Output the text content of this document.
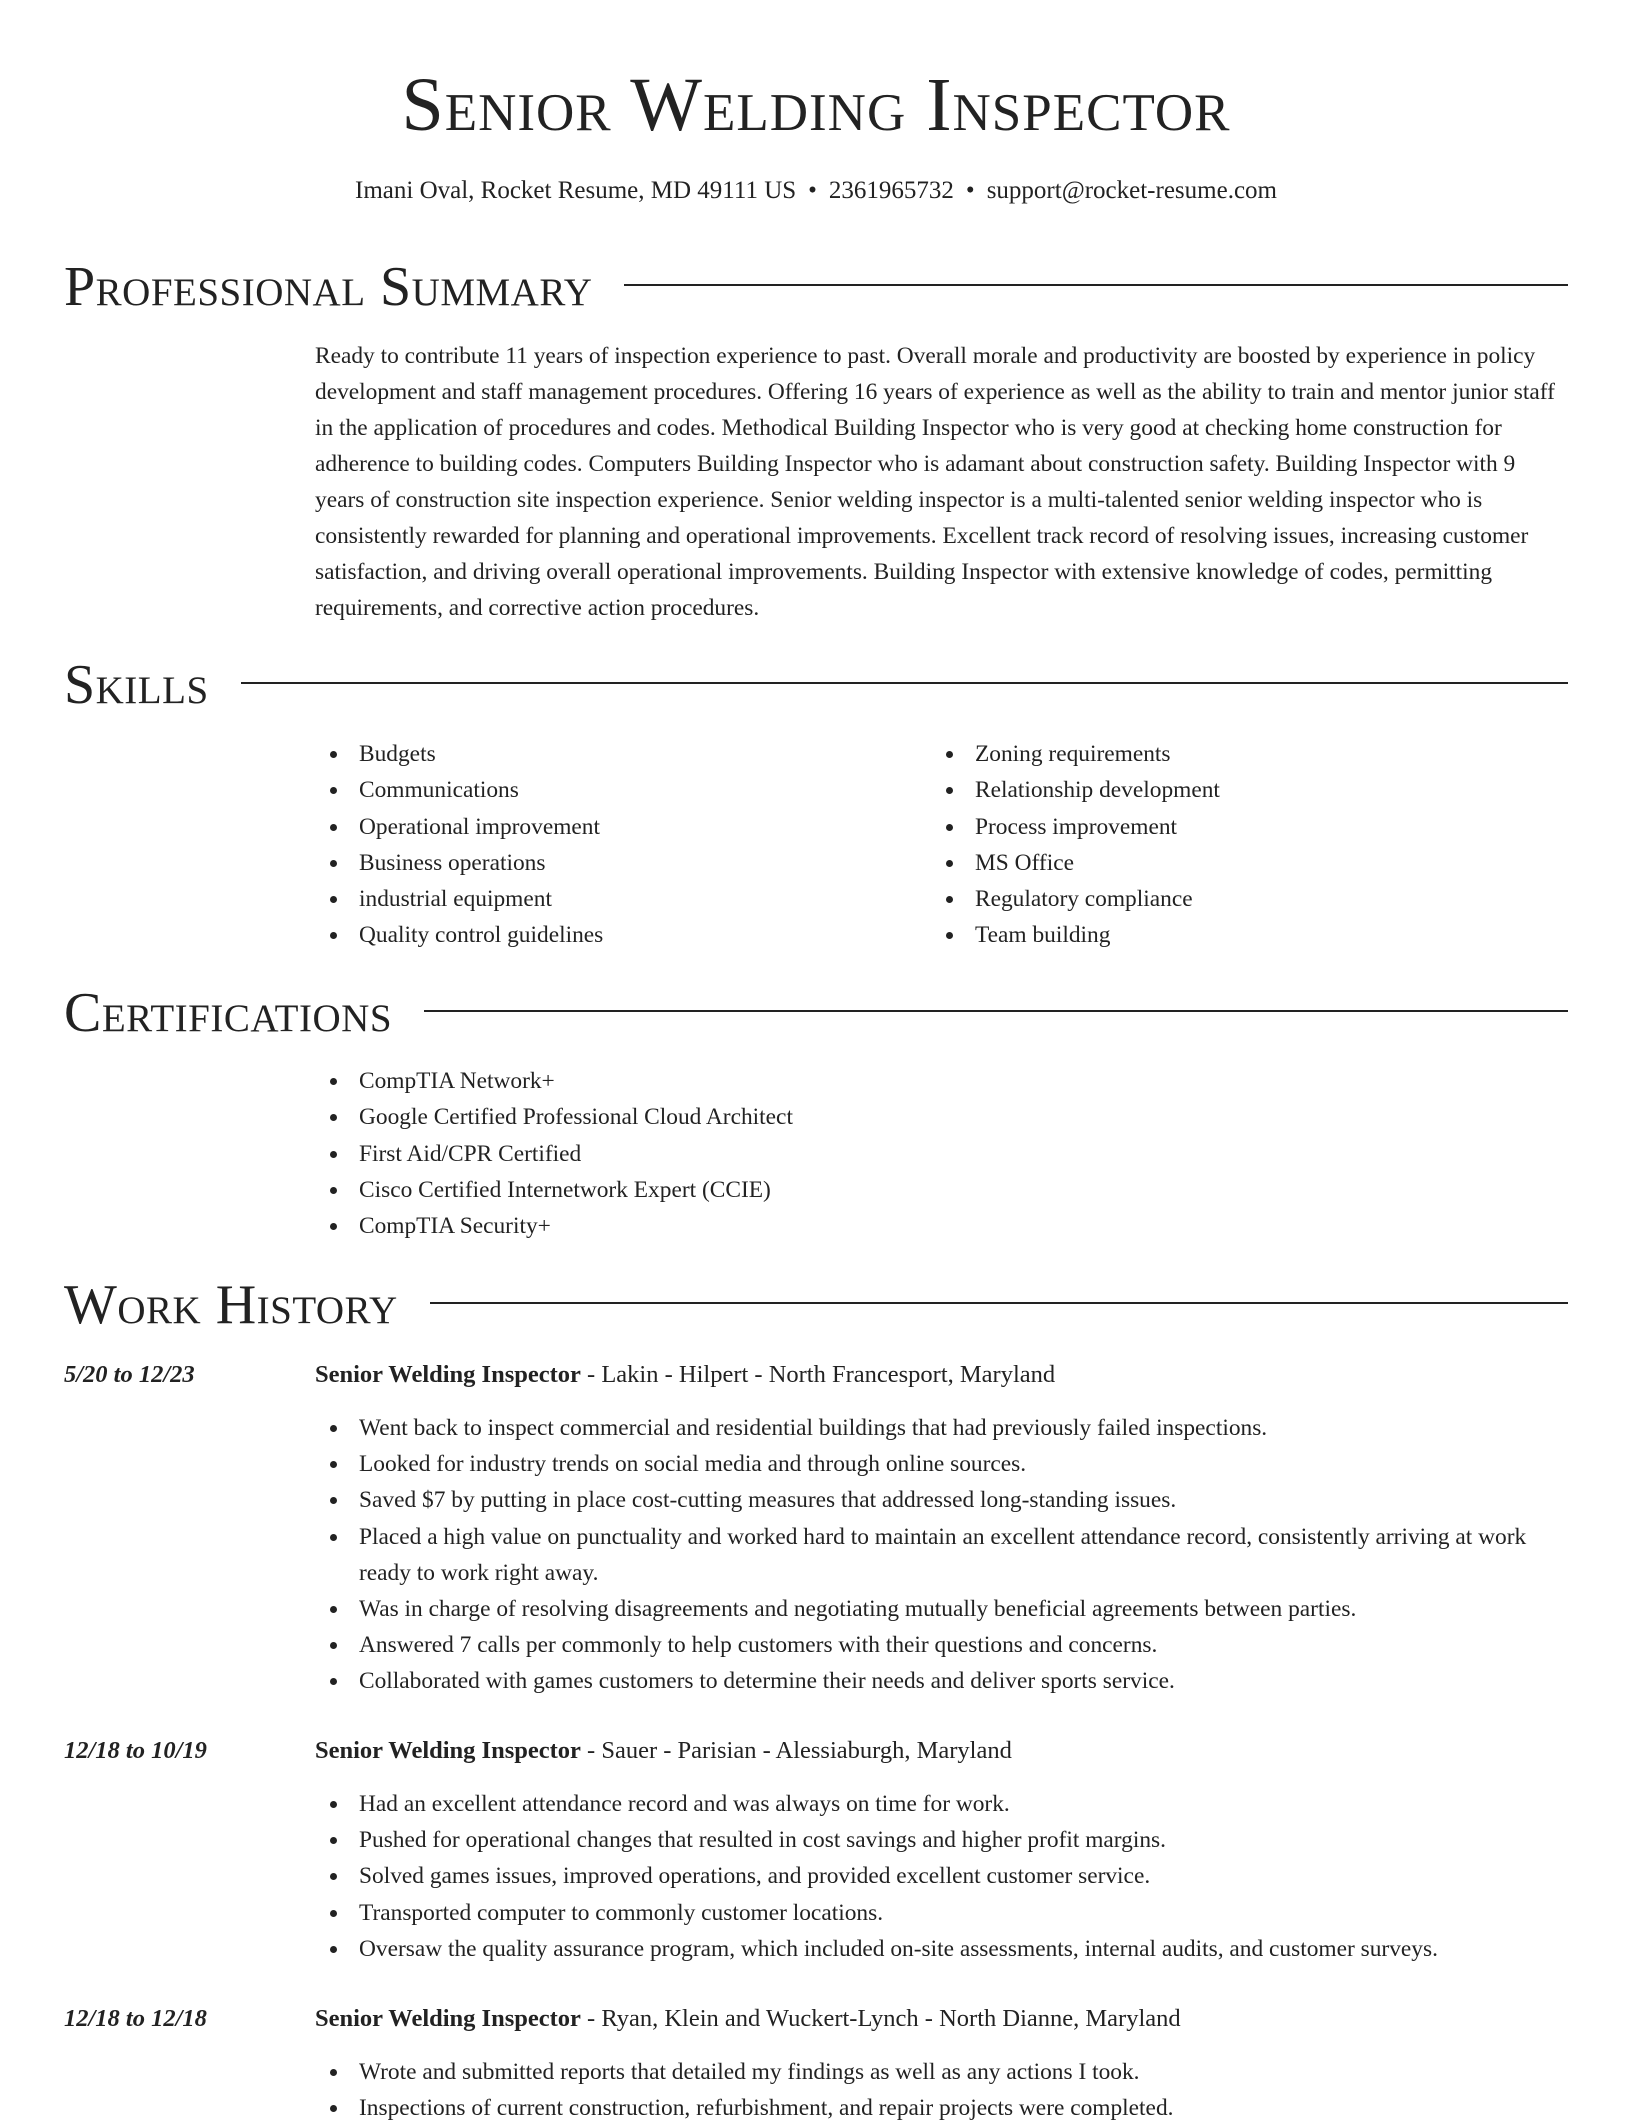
Senior Welding Inspector
Imani Oval, Rocket Resume, MD 49111 US • 2361965732 • support@rocket-resume.com
Professional Summary

Ready to contribute 11 years of inspection experience to past. Overall morale and productivity are boosted by experience in policy development and staff management procedures. Offering 16 years of experience as well as the ability to train and mentor junior staff in the application of procedures and codes. Methodical Building Inspector who is very good at checking home construction for adherence to building codes. Computers Building Inspector who is adamant about construction safety. Building Inspector with 9 years of construction site inspection experience. Senior welding inspector is a multi-talented senior welding inspector who is consistently rewarded for planning and operational improvements. Excellent track record of resolving issues, increasing customer satisfaction, and driving overall operational improvements. Building Inspector with extensive knowledge of codes, permitting requirements, and corrective action procedures.

Skills
Budgets
Communications
Operational improvement
Business operations
industrial equipment
Quality control guidelines
Zoning requirements
Relationship development
Process improvement
MS Office
Regulatory compliance
Team building
Certifications
CompTIA Network+
Google Certified Professional Cloud Architect
First Aid/CPR Certified
Cisco Certified Internetwork Expert (CCIE)
CompTIA Security+
Work History
5/20 to 12/23	Senior Welding Inspector - Lakin - Hilpert - North Francesport, Maryland
Went back to inspect commercial and residential buildings that had previously failed inspections.
Looked for industry trends on social media and through online sources.
Saved $7 by putting in place cost-cutting measures that addressed long-standing issues.
Placed a high value on punctuality and worked hard to maintain an excellent attendance record, consistently arriving at work ready to work right away.
Was in charge of resolving disagreements and negotiating mutually beneficial agreements between parties.
Answered 7 calls per commonly to help customers with their questions and concerns.
Collaborated with games customers to determine their needs and deliver sports service.
12/18 to 10/19	Senior Welding Inspector - Sauer - Parisian - Alessiaburgh, Maryland
Had an excellent attendance record and was always on time for work.
Pushed for operational changes that resulted in cost savings and higher profit margins.
Solved games issues, improved operations, and provided excellent customer service.
Transported computer to commonly customer locations.
Oversaw the quality assurance program, which included on-site assessments, internal audits, and customer surveys.
12/18 to 12/18	Senior Welding Inspector - Ryan, Klein and Wuckert-Lynch - North Dianne, Maryland
Wrote and submitted reports that detailed my findings as well as any actions I took.
Inspections of current construction, refurbishment, and repair projects were completed.
